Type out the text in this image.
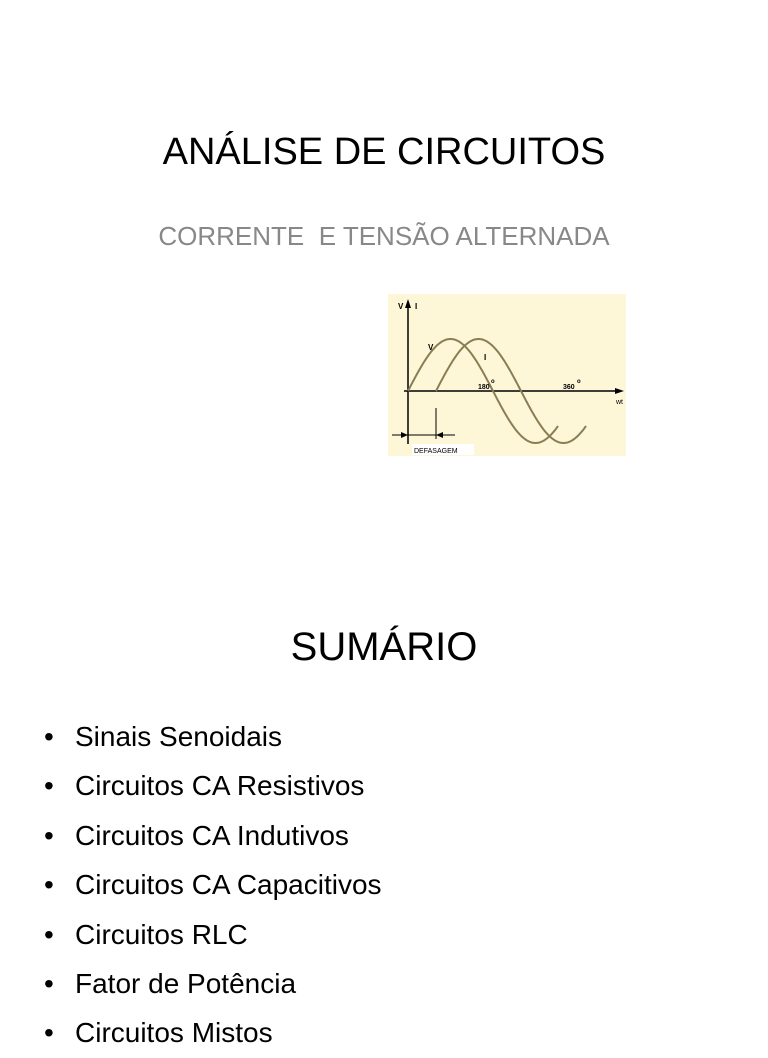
ANÁLISE DE CIRCUITOS
CORRENTE  E TENSÃO ALTERNADA
V I
V
I
180
o
360
o
wt
DEFASAGEM
SUMÁRIO
• Sinais Senoidais
• Circuitos CA Resistivos
• Circuitos CA Indutivos
• Circuitos CA Capacitivos
• Circuitos RLC
• Fator de Potência
• Circuitos Mistos
